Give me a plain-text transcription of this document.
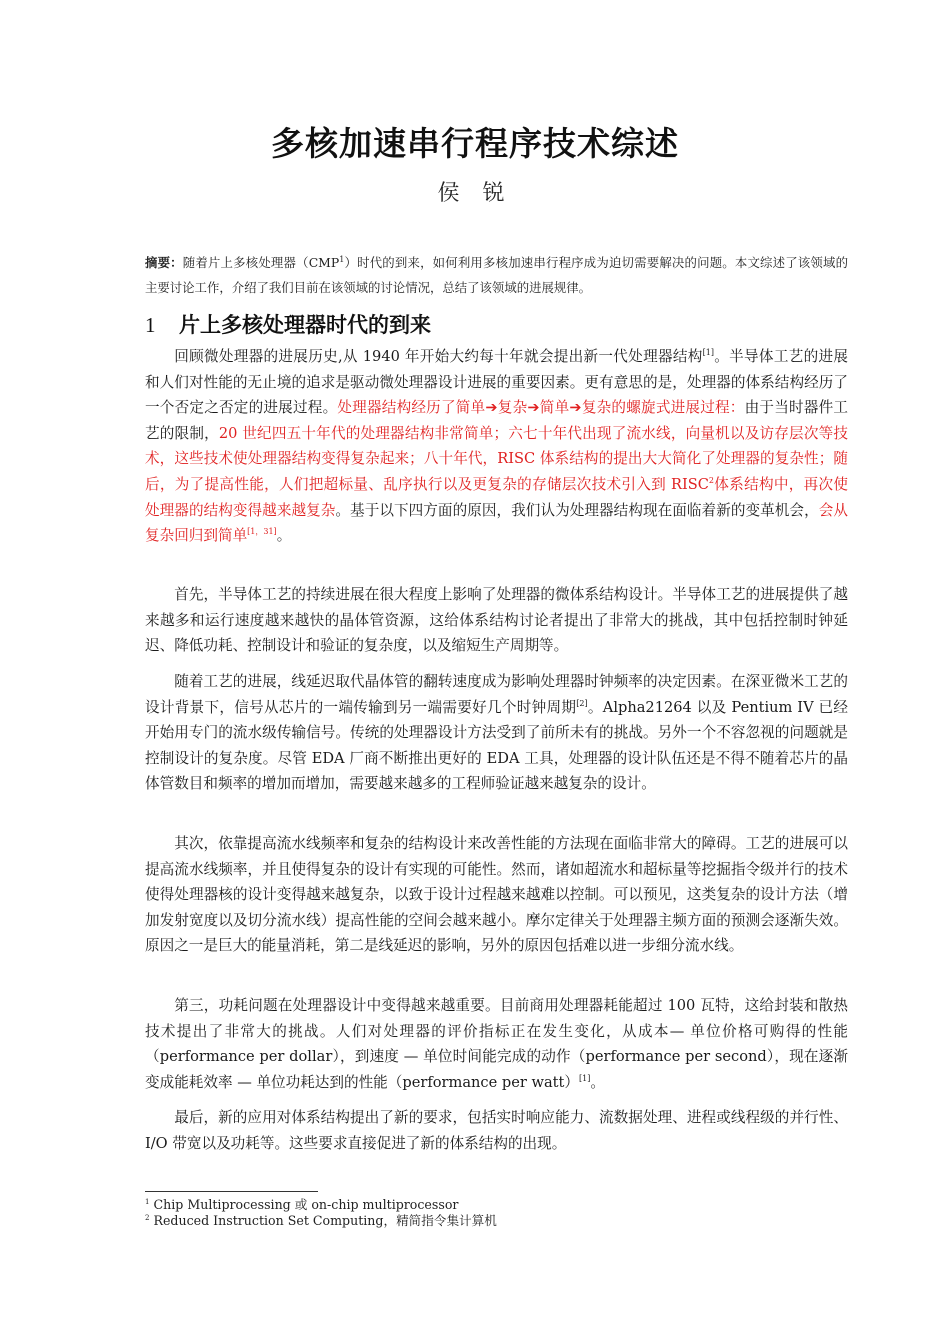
多核加速串行程序技术综述
侯 锐
摘要：随着片上多核处理器（CMP$^1$）时代的到来，如何利用多核加速串行程序成为迫切需要解决的问题。本文综述了该领域的主要讨论工作，介绍了我们目前在该领域的讨论情况，总结了该领域的进展规律。
1 片上多核处理器时代的到来
回顾微处理器的进展历史,从 1940 年开始大约每十年就会提出新一代处理器结构[1]。半导体工艺的进展和人们对性能的无止境的追求是驱动微处理器设计进展的重要因素。更有意思的是，处理器的体系结构经历了一个否定之否定的进展过程。处理器结构经历了简单➔复杂➔简单➔复杂的螺旋式进展过程：由于当时器件工艺的限制，20 世纪四五十年代的处理器结构非常简单；六七十年代出现了流水线，向量机以及访存层次等技术，这些技术使处理器结构变得复杂起来；八十年代，RISC 体系结构的提出大大简化了处理器的复杂性；随后，为了提高性能，人们把超标量、乱序执行以及更复杂的存储层次技术引入到 RISC$^2$体系结构中，再次使处理器的结构变得越来越复杂。基于以下四方面的原因，我们认为处理器结构现在面临着新的变革机会，会从复杂回归到简单[1，31]。
首先，半导体工艺的持续进展在很大程度上影响了处理器的微体系结构设计。半导体工艺的进展提供了越来越多和运行速度越来越快的晶体管资源，这给体系结构讨论者提出了非常大的挑战，其中包括控制时钟延迟、降低功耗、控制设计和验证的复杂度，以及缩短生产周期等。
随着工艺的进展，线延迟取代晶体管的翻转速度成为影响处理器时钟频率的决定因素。在深亚微米工艺的设计背景下，信号从芯片的一端传输到另一端需要好几个时钟周期[2]。Alpha21264 以及 Pentium IV 已经开始用专门的流水级传输信号。传统的处理器设计方法受到了前所未有的挑战。另外一个不容忽视的问题就是控制设计的复杂度。尽管 EDA 厂商不断推出更好的 EDA 工具，处理器的设计队伍还是不得不随着芯片的晶体管数目和频率的增加而增加，需要越来越多的工程师验证越来越复杂的设计。
其次，依靠提高流水线频率和复杂的结构设计来改善性能的方法现在面临非常大的障碍。工艺的进展可以提高流水线频率，并且使得复杂的设计有实现的可能性。然而，诸如超流水和超标量等挖掘指令级并行的技术使得处理器核的设计变得越来越复杂，以致于设计过程越来越难以控制。可以预见，这类复杂的设计方法（增加发射宽度以及切分流水线）提高性能的空间会越来越小。摩尔定律关于处理器主频方面的预测会逐渐失效。原因之一是巨大的能量消耗，第二是线延迟的影响，另外的原因包括难以进一步细分流水线。
第三，功耗问题在处理器设计中变得越来越重要。目前商用处理器耗能超过 100 瓦特，这给封装和散热技术提出了非常大的挑战。人们对处理器的评价指标正在发生变化，从成本— 单位价格可购得的性能（performance per dollar），到速度 — 单位时间能完成的动作（performance per second），现在逐渐变成能耗效率 — 单位功耗达到的性能（performance per watt）[1]。
最后，新的应用对体系结构提出了新的要求，包括实时响应能力、流数据处理、进程或线程级的并行性、I/O 带宽以及功耗等。这些要求直接促进了新的体系结构的出现。
$^1$ Chip Multiprocessing 或 on-chip multiprocessor
$^2$ Reduced Instruction Set Computing，精简指令集计算机
